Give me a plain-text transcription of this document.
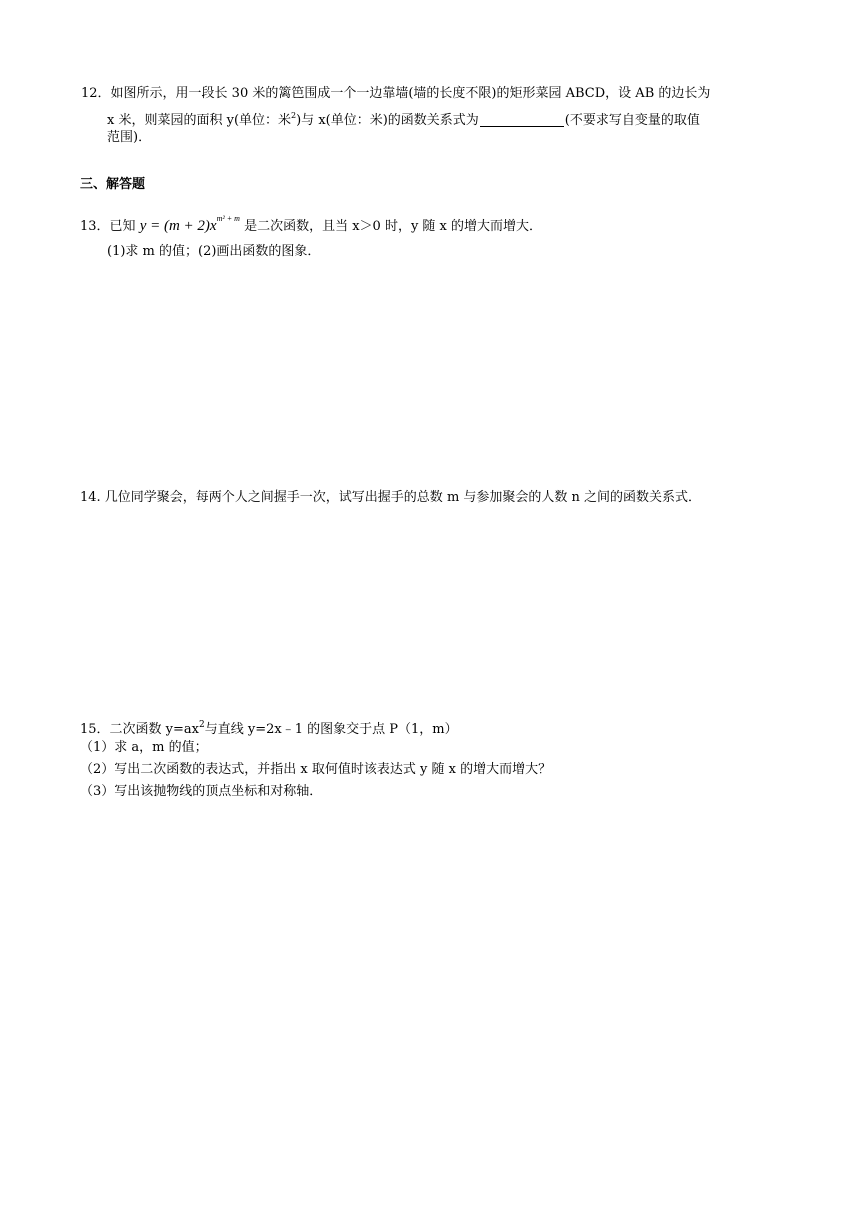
12．如图所示，用一段长 30 米的篱笆围成一个一边靠墙(墙的长度不限)的矩形菜园 ABCD，设 AB 的边长为
x 米，则菜园的面积 y(单位：米$^2$)与 x(单位：米)的函数关系式为	(不要求写自变量的取值
范围)．
三、解答题
13．已知 $y = (m + 2)x^{m^2 + m}$ 是二次函数，且当 x＞0 时，y 随 x 的增大而增大．
(1)求 m 的值；(2)画出函数的图象．
14. 几位同学聚会，每两个人之间握手一次，试写出握手的总数 m 与参加聚会的人数 n 之间的函数关系式．
15．二次函数 $y=ax^2$与直线 y=2x﹣1 的图象交于点 P（1，m）
（1）求 a，m 的值；
（2）写出二次函数的表达式，并指出 x 取何值时该表达式 y 随 x 的增大而增大？
（3）写出该抛物线的顶点坐标和对称轴．
